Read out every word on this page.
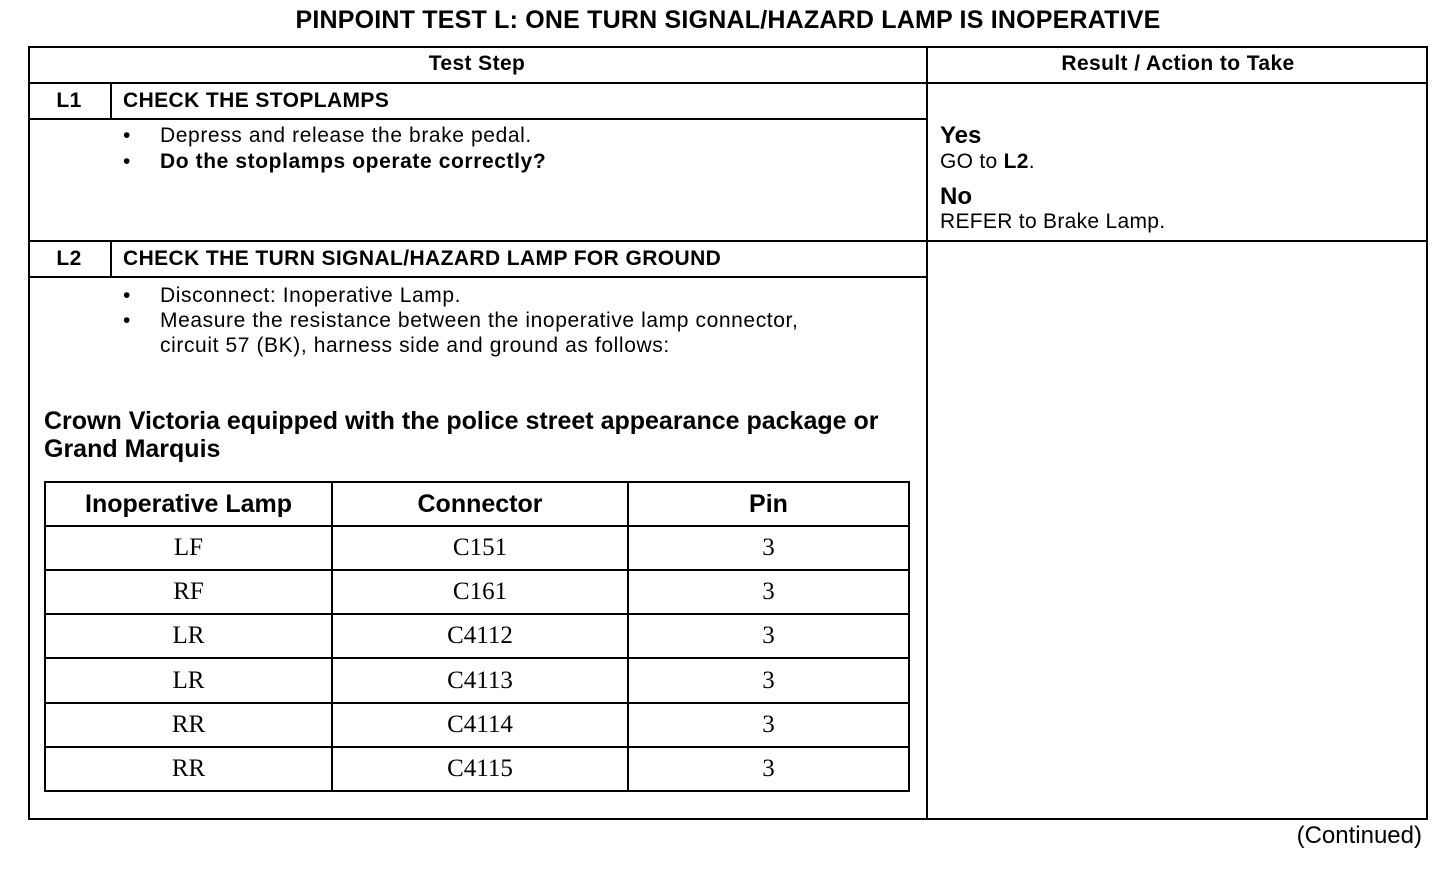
PINPOINT TEST L: ONE TURN SIGNAL/HAZARD LAMP IS INOPERATIVE
Test Step	Result / Action to Take
L1	CHECK THE STOPLAMPS
• Depress and release the brake pedal.
• Do the stoplamps operate correctly?
Yes
GO to L2.
No
REFER to Brake Lamp.
L2	CHECK THE TURN SIGNAL/HAZARD LAMP FOR GROUND
• Disconnect: Inoperative Lamp.
• Measure the resistance between the inoperative lamp connector,
circuit 57 (BK), harness side and ground as follows:
Crown Victoria equipped with the police street appearance package or Grand Marquis
Inoperative Lamp	Connector	Pin
LF	C151	3
RF	C161	3
LR	C4112	3
LR	C4113	3
RR	C4114	3
RR	C4115	3
(Continued)
